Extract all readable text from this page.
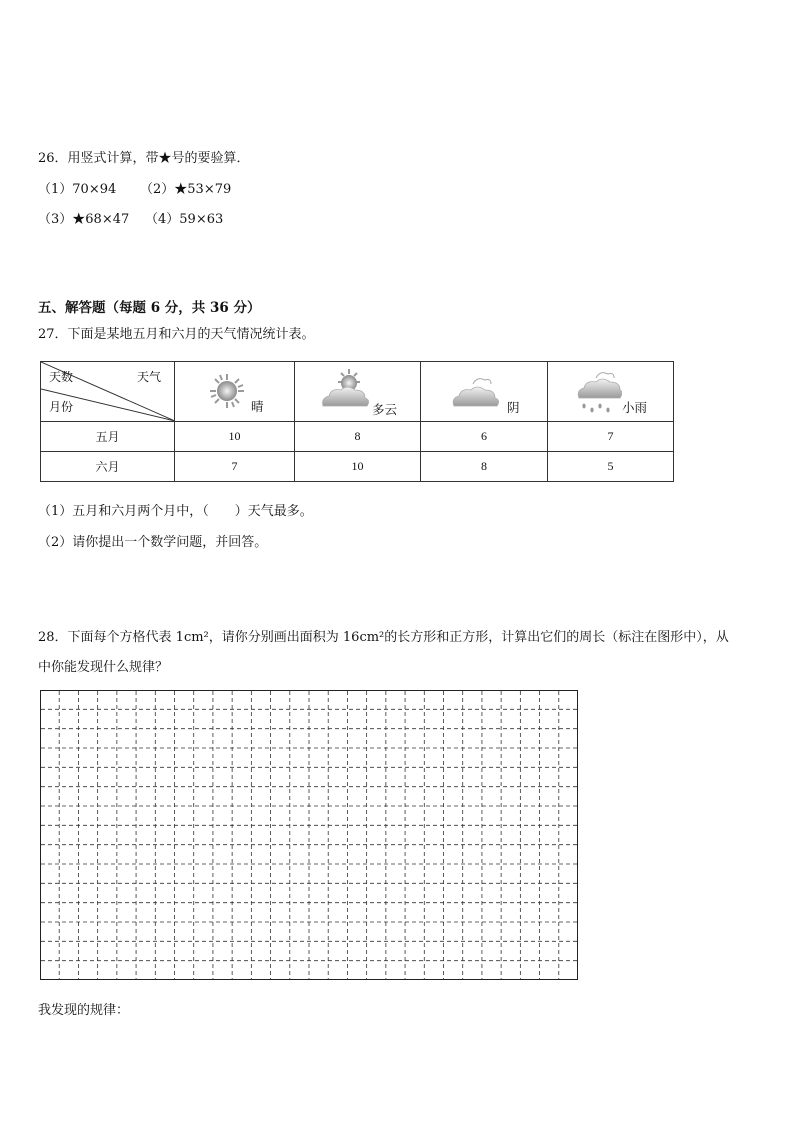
26．用竖式计算，带★号的要验算．
（1）70×94 （2）★53×79
（3）★68×47 （4）59×63
五、解答题（每题 6 分，共 36 分）
27．下面是某地五月和六月的天气情况统计表。
天气
天数
月份	晴	多云	阴	小雨

五月	10	8	6	7
六月	7	10	8	5
（1）五月和六月两个月中，（　　）天气最多。
（2）请你提出一个数学问题，并回答。
28．下面每个方格代表 1cm²，请你分别画出面积为 16cm²的长方形和正方形，计算出它们的周长（标注在图形中），从
中你能发现什么规律？
我发现的规律：
